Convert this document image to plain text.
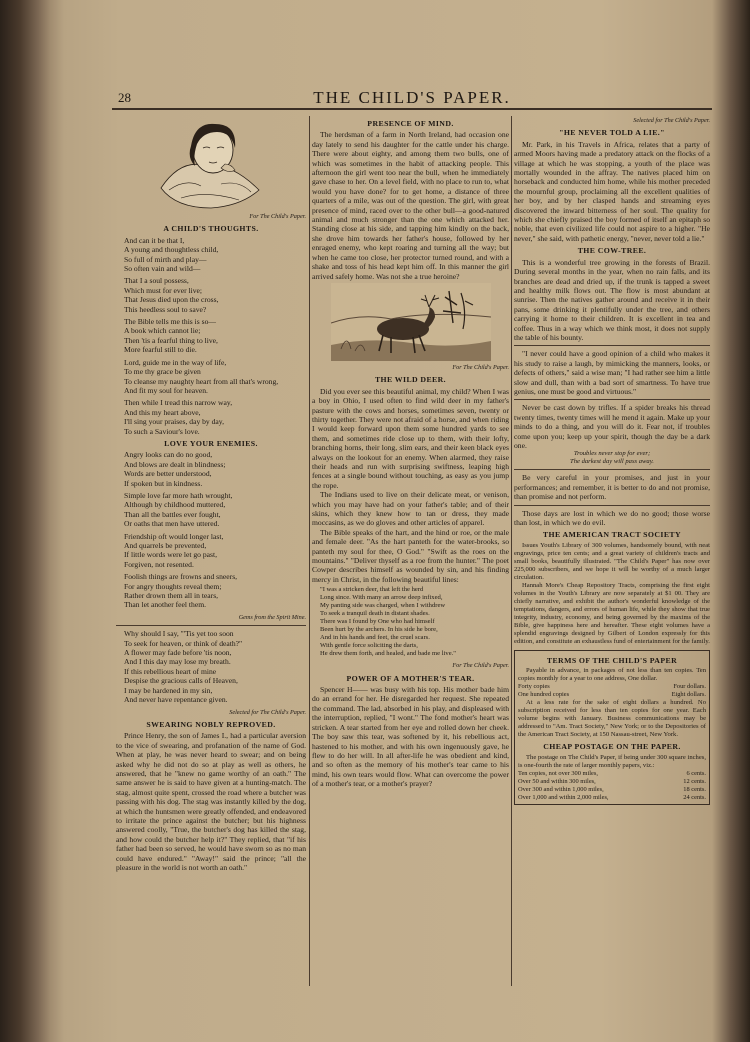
28	THE CHILD'S PAPER.
For The Child's Paper.
A CHILD'S THOUGHTS.
And can it be that I,
A young and thoughtless child,
So full of mirth and play—
So often vain and wild—
That I a soul possess,
Which must for ever live;
That Jesus died upon the cross,
This heedless soul to save?
The Bible tells me this is so—
A book which cannot lie;
Then 'tis a fearful thing to live,
More fearful still to die.
Lord, guide me in the way of life,
To me thy grace be given
To cleanse my naughty heart from all that's wrong,
And fit my soul for heaven.
Then while I tread this narrow way,
And this my heart above,
I'll sing your praises, day by day,
To such a Saviour's love.
LOVE YOUR ENEMIES.
Angry looks can do no good,
And blows are dealt in blindness;
Words are better understood,
If spoken but in kindness.
Simple love far more hath wrought,
Although by childhood muttered,
Than all the battles ever fought,
Or oaths that men have uttered.
Friendship oft would longer last,
And quarrels be prevented,
If little words were let go past,
Forgiven, not resented.
Foolish things are frowns and sneers,
For angry thoughts reveal them;
Rather drown them all in tears,
Than let another feel them.
Gems from the Spirit Mine.
Why should I say, "'Tis yet too soon
To seek for heaven, or think of death?"
A flower may fade before 'tis noon,
And I this day may lose my breath.
If this rebellious heart of mine
Despise the gracious calls of Heaven,
I may be hardened in my sin,
And never have repentance given.
Selected for The Child's Paper.
SWEARING NOBLY REPROVED.

Prince Henry, the son of James I., had a particular aversion to the vice of swearing, and profanation of the name of God. When at play, he was never heard to swear; and on being asked why he did not do so at play as well as others, he answered, that he "knew no game worthy of an oath." The same answer he is said to have given at a hunting-match. The stag, almost quite spent, crossed the road where a butcher was passing with his dog. The stag was instantly killed by the dog, at which the huntsmen were greatly offended, and endeavored to irritate the prince against the butcher; but his highness answered coolly, "True, the butcher's dog has killed the stag, and how could the butcher help it?" They replied, that "if his father had been so served, he would have sworn so as no man could have endured." "Away!" said the prince; "all the pleasure in the world is not worth an oath."

PRESENCE OF MIND.

The herdsman of a farm in North Ireland, had occasion one day lately to send his daughter for the cattle under his charge. There were about eighty, and among them two bulls, one of which was sometimes in the habit of attacking people. This afternoon the girl went too near the bull, when he immediately gave chase to her. On a level field, with no place to run to, what would you have done? for to get home, a distance of three quarters of a mile, was out of the question. The girl, with great presence of mind, raced over to the other bull—a good-natured animal and much stronger than the one which attacked her. Standing close at his side, and tapping him kindly on the back, she drove him towards her father's house, followed by her enraged enemy, who kept roaring and turning all the way; but when he came too close, her protector turned round, and with a shake and toss of his head kept him off. In this manner the girl arrived safely home. Was not she a true heroine?

For The Child's Paper.
THE WILD DEER.

Did you ever see this beautiful animal, my child? When I was a boy in Ohio, I used often to find wild deer in my father's pasture with the cows and horses, sometimes seven, twenty or thirty together. They were not afraid of a horse, and when riding I would keep forward upon them some hundred yards to see them, and sometimes ride close up to them, with their lofty, branching horns, their long, slim ears, and their keen black eyes always on the lookout for an enemy. When alarmed, they raise their heads and run with surprising swiftness, leaping high fences at a single bound without touching, as easy as you jump the rope.

The Indians used to live on their delicate meat, or venison, which you may have had on your father's table; and of their skins, which they knew how to tan or dress, they made moccasins, as we do gloves and other articles of apparel.

The Bible speaks of the hart, and the hind or roe, or the male and female deer. "As the hart panteth for the water-brooks, so panteth my soul for thee, O God." "Swift as the roes on the mountains." "Deliver thyself as a roe from the hunter." The poet Cowper describes himself as wounded by sin, and his finding mercy in Christ, in the following beautiful lines:

"I was a stricken deer, that left the herd
Long since. With many an arrow deep infixed,
My panting side was charged, when I withdrew
To seek a tranquil death in distant shades.
There was I found by One who had himself
Been hurt by the archers. In his side he bore,
And in his hands and feet, the cruel scars.
With gentle force soliciting the darts,
He drew them forth, and healed, and bade me live."
For The Child's Paper.
POWER OF A MOTHER'S TEAR.

Spencer H—— was busy with his top. His mother bade him do an errand for her. He disregarded her request. She repeated the command. The lad, absorbed in his play, and displeased with the interruption, replied, "I wont." The fond mother's heart was stricken. A tear started from her eye and rolled down her cheek. The boy saw this tear, was softened by it, his rebellious act, hastened to his mother, and with his own ingenuously gave, he flew to do her will. In all after-life he was obedient and kind, and so often as the memory of his mother's tear came to his mind, his own tears would flow. What can overcome the power of a mother's tear, or a mother's prayer?

Selected for The Child's Paper.
"HE NEVER TOLD A LIE."

Mr. Park, in his Travels in Africa, relates that a party of armed Moors having made a predatory attack on the flocks of a village at which he was stopping, a youth of the place was mortally wounded in the affray. The natives placed him on horseback and conducted him home, while his mother preceded the mournful group, proclaiming all the excellent qualities of her boy, and by her clasped hands and streaming eyes discovered the inward bitterness of her soul. The quality for which she chiefly praised the boy formed of itself an epitaph so noble, that even civilized life could not aspire to a higher. "He never," she said, with pathetic energy, "never, never told a lie."

THE COW-TREE.

This is a wonderful tree growing in the forests of Brazil. During several months in the year, when no rain falls, and its branches are dead and dried up, if the trunk is tapped a sweet and healthy milk flows out. The flow is most abundant at sunrise. Then the natives gather around and receive it in their pans, some drinking it plentifully under the tree, and others carrying it home to their children. It is excellent in tea and coffee. Thus in a way which we think most, it does not supply the table of his bounty.

"I never could have a good opinion of a child who makes it his study to raise a laugh, by mimicking the manners, looks, or defects of others," said a wise man; "I had rather see him a little slow and dull, than with a bad sort of smartness. To have true genius, one must be good and virtuous."

Never be cast down by trifles. If a spider breaks his thread twenty times, twenty times will he mend it again. Make up your minds to do a thing, and you will do it. Fear not, if troubles come upon you; keep up your spirit, though the day be a dark one.

Troubles never stop for ever;
The darkest day will pass away.

Be very careful in your promises, and just in your performances; and remember, it is better to do and not promise, than promise and not perform.

Those days are lost in which we do no good; those worse than lost, in which we do evil.

THE AMERICAN TRACT SOCIETY

Issues Youth's Library of 300 volumes, handsomely bound, with neat engravings, price ten cents; and a great variety of children's tracts and small books, beautifully illustrated. "The Child's Paper" has now over 225,000 subscribers, and we hope it will be worthy of a much larger circulation.

Hannah More's Cheap Repository Tracts, comprising the first eight volumes in the Youth's Library are now separately at $1 00. They are chiefly narrative, and exhibit the author's wonderful knowledge of the temptations, dangers, and errors of human life, while they show that true integrity, industry, economy, and being governed by the maxims of the Bible, give happiness here and hereafter. These eight volumes have a splendid engravings designed by Gilbert of London expressly for this edition, and constitute an exhaustless fund of entertainment for the family.

TERMS OF THE CHILD'S PAPER

Payable in advance, in packages of not less than ten copies. Ten copies monthly for a year to one address, One dollar.

Forty copies	Four dollars.
One hundred copies	Eight dollars.

At a less rate for the sake of eight dollars a hundred. No subscription received for less than ten copies for one year. Each volume begins with January. Business communications may be addressed to "Am. Tract Society," New York; or to the Depositories of the American Tract Society, at 150 Nassau-street, New York.

CHEAP POSTAGE ON THE PAPER.

The postage on The Child's Paper, if being under 300 square inches, is one-fourth the rate of larger monthly papers, viz.:

Ten copies, not over 300 miles,	6 cents.
Over 50 and within 300 miles,	12 cents.
Over 300 and within 1,000 miles,	18 cents.
Over 1,000 and within 2,000 miles,	24 cents.
